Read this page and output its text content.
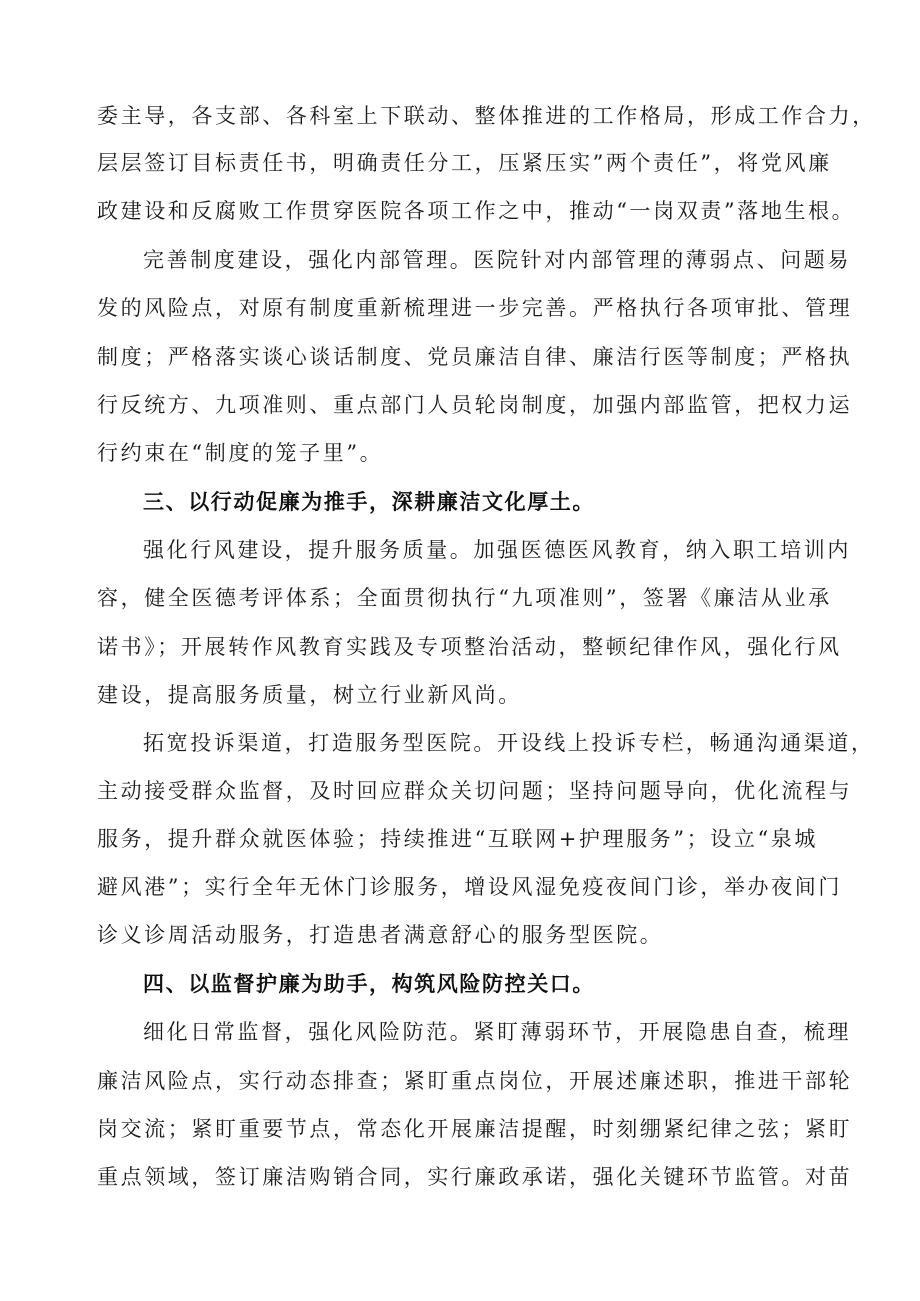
委主导，各支部、各科室上下联动、整体推进的工作格局，形成工作合力，
层层签订目标责任书，明确责任分工，压紧压实”两个责任”，将党风廉
政建设和反腐败工作贯穿医院各项工作之中，推动“一岗双责”落地生根。
完善制度建设，强化内部管理。医院针对内部管理的薄弱点、问题易
发的风险点，对原有制度重新梳理进一步完善。严格执行各项审批、管理
制度；严格落实谈心谈话制度、党员廉洁自律、廉洁行医等制度；严格执
行反统方、九项准则、重点部门人员轮岗制度，加强内部监管，把权力运
行约束在“制度的笼子里”。
三、以行动促廉为推手，深耕廉洁文化厚土。
强化行风建设，提升服务质量。加强医德医风教育，纳入职工培训内
容，健全医德考评体系；全面贯彻执行“九项准则”，签署《廉洁从业承
诺书》；开展转作风教育实践及专项整治活动，整顿纪律作风，强化行风
建设，提高服务质量，树立行业新风尚。
拓宽投诉渠道，打造服务型医院。开设线上投诉专栏，畅通沟通渠道，
主动接受群众监督，及时回应群众关切问题；坚持问题导向，优化流程与
服务，提升群众就医体验；持续推进“互联网+护理服务”；设立“泉城
避风港”；实行全年无休门诊服务，增设风湿免疫夜间门诊，举办夜间门
诊义诊周活动服务，打造患者满意舒心的服务型医院。
四、以监督护廉为助手，构筑风险防控关口。
细化日常监督，强化风险防范。紧盯薄弱环节，开展隐患自查，梳理
廉洁风险点，实行动态排查；紧盯重点岗位，开展述廉述职，推进干部轮
岗交流；紧盯重要节点，常态化开展廉洁提醒，时刻绷紧纪律之弦；紧盯
重点领域，签订廉洁购销合同，实行廉政承诺，强化关键环节监管。对苗
